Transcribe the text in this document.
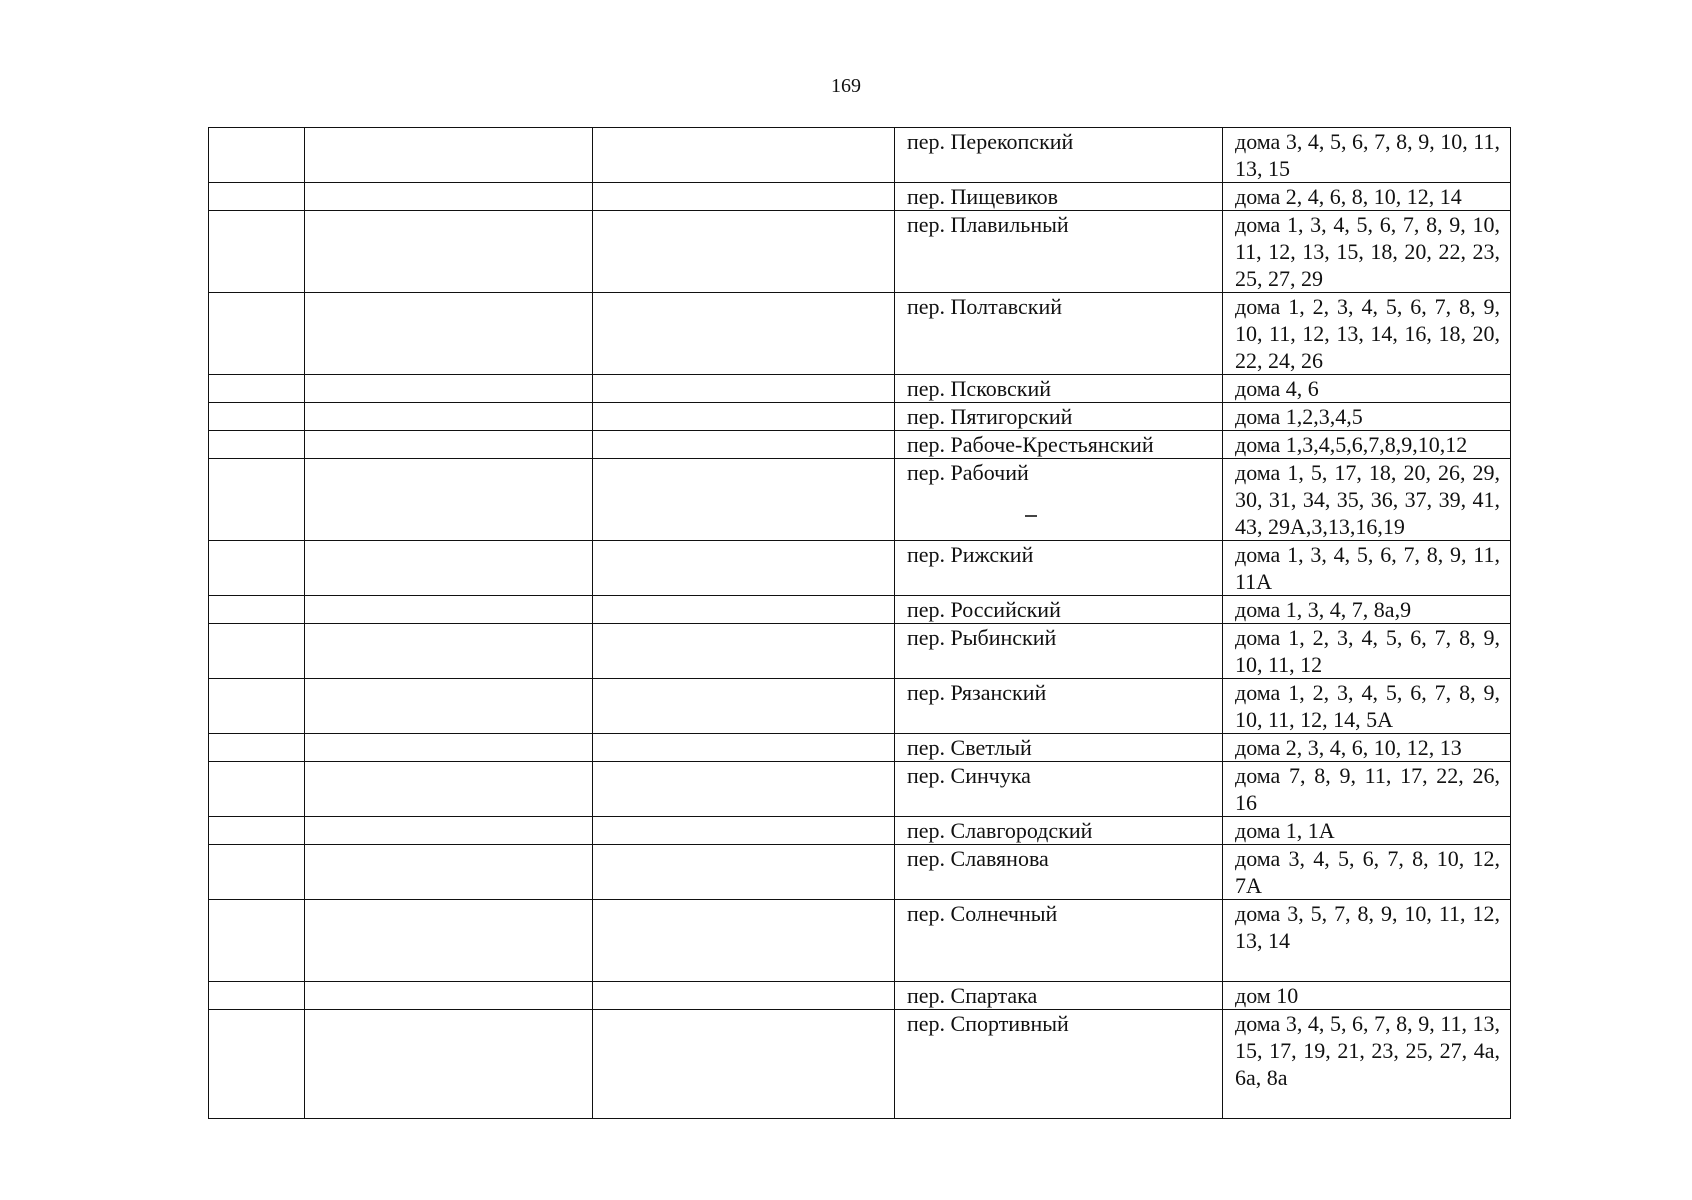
169
			пер. Перекопский	дома 3, 4, 5, 6, 7, 8, 9, 10, 11, 13, 15
			пер. Пищевиков	дома 2, 4, 6, 8, 10, 12, 14
			пер. Плавильный	дома 1, 3, 4, 5, 6, 7, 8, 9, 10, 11, 12, 13, 15, 18, 20, 22, 23, 25, 27, 29
			пер. Полтавский	дома 1, 2, 3, 4, 5, 6, 7, 8, 9, 10, 11, 12, 13, 14, 16, 18, 20, 22, 24, 26
			пер. Псковский	дома 4, 6
			пер. Пятигорский	дома 1,2,3,4,5
			пер. Рабоче-Крестьянский	дома 1,3,4,5,6,7,8,9,10,12
			пер. Рабочий	дома 1, 5, 17, 18, 20, 26, 29, 30, 31, 34, 35, 36, 37, 39, 41, 43, 29А,3,13,16,19
			пер. Рижский	дома 1, 3, 4, 5, 6, 7, 8, 9, 11, 11А
			пер. Российский	дома 1, 3, 4, 7, 8а,9
			пер. Рыбинский	дома 1, 2, 3, 4, 5, 6, 7, 8, 9, 10, 11, 12
			пер. Рязанский	дома 1, 2, 3, 4, 5, 6, 7, 8, 9, 10, 11, 12, 14, 5А
			пер. Светлый	дома 2, 3, 4, 6, 10, 12, 13
			пер. Синчука	дома 7, 8, 9, 11, 17, 22, 26, 16
			пер. Славгородский	дома 1, 1А
			пер. Славянова	дома 3, 4, 5, 6, 7, 8, 10, 12, 7А
			пер. Солнечный	дома 3, 5, 7, 8, 9, 10, 11, 12, 13, 14
			пер. Спартака	дом 10
			пер. Спортивный	дома 3, 4, 5, 6, 7, 8, 9, 11, 13, 15, 17, 19, 21, 23, 25, 27, 4а, 6а, 8а
